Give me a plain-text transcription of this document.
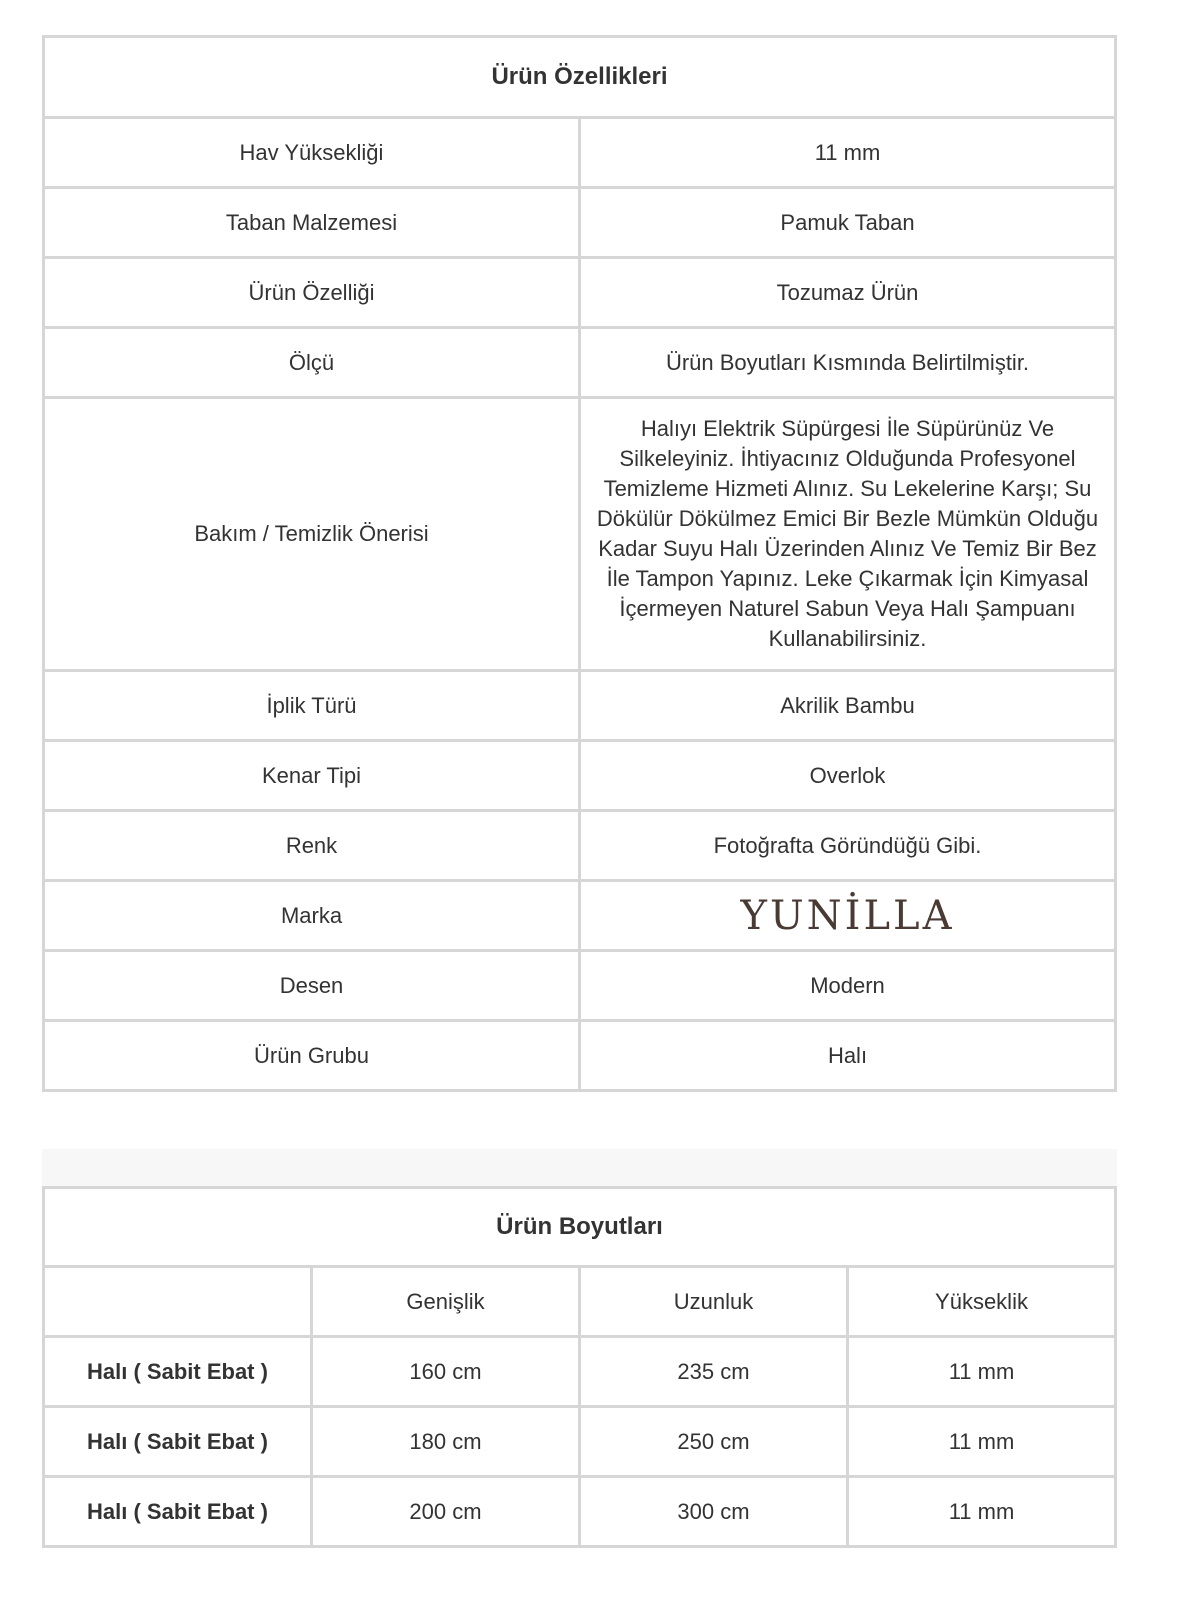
Ürün Özellikleri	
Hav Yüksekliği	11 mm
Taban Malzemesi	Pamuk Taban
Ürün Özelliği	Tozumaz Ürün
Ölçü	Ürün Boyutları Kısmında Belirtilmiştir.
Bakım / Temizlik Önerisi	Halıyı Elektrik Süpürgesi İle Süpürünüz Ve Silkeleyiniz. İhtiyacınız Olduğunda Profesyonel Temizleme Hizmeti Alınız. Su Lekelerine Karşı; Su Dökülür Dökülmez Emici Bir Bezle Mümkün Olduğu Kadar Suyu Halı Üzerinden Alınız Ve Temiz Bir Bez İle Tampon Yapınız. Leke Çıkarmak İçin Kimyasal İçermeyen Naturel Sabun Veya Halı Şampuanı Kullanabilirsiniz.
İplik Türü	Akrilik Bambu
Kenar Tipi	Overlok
Renk	Fotoğrafta Göründüğü Gibi.
Marka	YUNİLLA
Desen	Modern
Ürün Grubu	Halı
Ürün Boyutları			
	Genişlik	Uzunluk	Yükseklik
Halı ( Sabit Ebat )	160 cm	235 cm	11 mm
Halı ( Sabit Ebat )	180 cm	250 cm	11 mm
Halı ( Sabit Ebat )	200 cm	300 cm	11 mm
